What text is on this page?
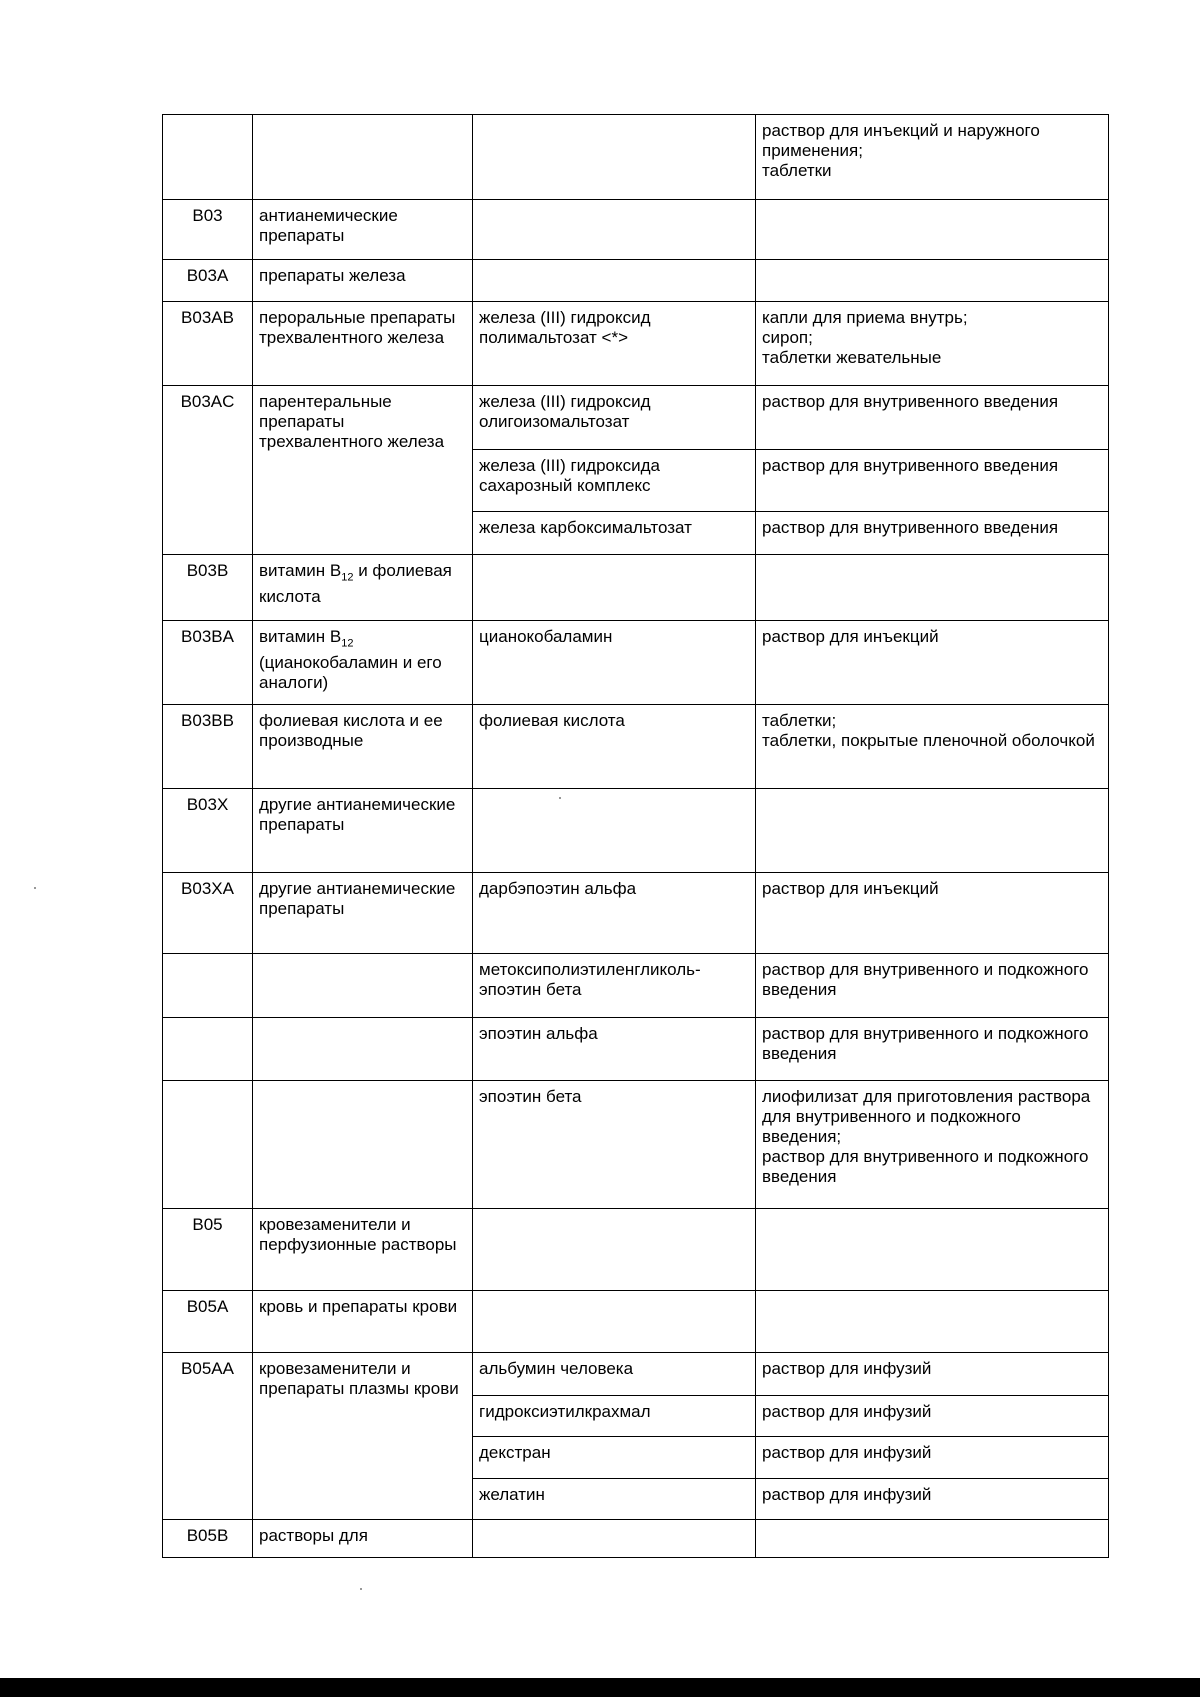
			раствор для инъекций и наружного применения;
таблетки

B03	антианемические препараты		

B03A	препараты железа		

B03AB	пероральные препараты трехвалентного железа	железа (III) гидроксид полимальтозат <*>	капли для приема внутрь;
сироп;
таблетки жевательные

B03AC	парентеральные препараты трехвалентного железа	железа (III) гидроксид олигоизомальтозат	раствор для внутривенного введения

		железа (III) гидроксида сахарозный комплекс	раствор для внутривенного введения

		железа карбоксимальтозат	раствор для внутривенного введения

B03B	витамин $B_{12}$ и фолиевая кислота	

B03BA	витамин $B_{12}$ (цианокобаламин и его аналоги)	цианокобаламин	раствор для инъекций

B03BB	фолиевая кислота и ее производные	фолиевая кислота	таблетки;
таблетки, покрытые пленочной оболочкой

B03X	другие антианемические препараты		

B03XA	другие антианемические препараты	дарбэпоэтин альфа	раствор для инъекций

		метоксиполиэтиленгликоль-эпоэтин бета	раствор для внутривенного и подкожного введения

		эпоэтин альфа	раствор для внутривенного и подкожного введения

		эпоэтин бета	лиофилизат для приготовления раствора для внутривенного и подкожного введения;
раствор для внутривенного и подкожного введения

B05	кровезаменители и перфузионные растворы		

B05A	кровь и препараты крови		

B05AA	кровезаменители и препараты плазмы крови	альбумин человека	раствор для инфузий

		гидроксиэтилкрахмал	раствор для инфузий

		декстран	раствор для инфузий

		желатин	раствор для инфузий

B05B	растворы для		
